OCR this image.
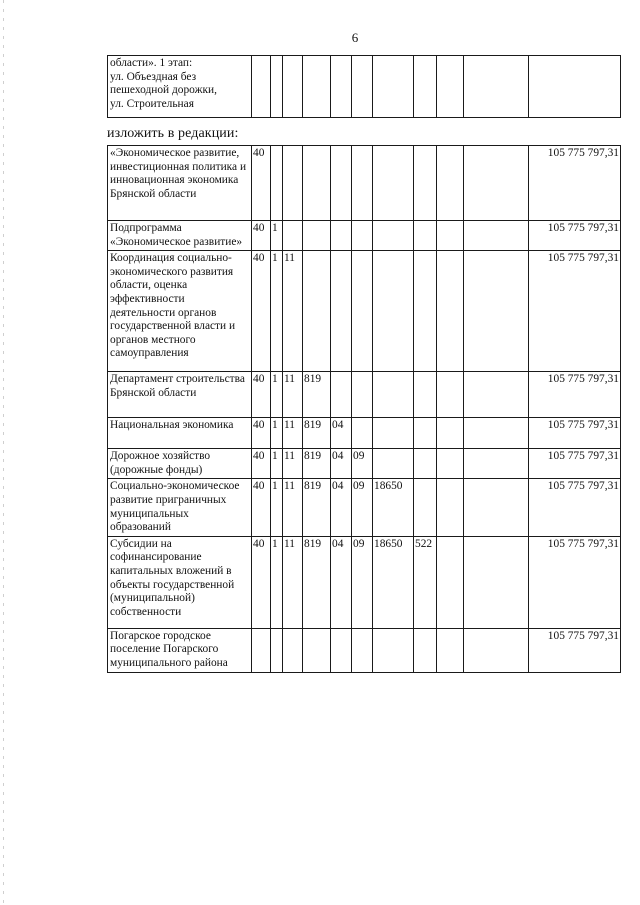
6
области». 1 этап:
ул. Объездная без пешеходной дорожки,
ул. Строительная											
изложить в редакции:
«Экономическое развитие, инвестиционная политика и инновационная экономика Брянской области	40										105 775 797,31
Подпрограмма «Экономическое развитие»	40	1									105 775 797,31
Координация социально-экономического развития области, оценка эффективности деятельности органов государственной власти и органов местного самоуправления	40	1	11								105 775 797,31
Департамент строительства Брянской области	40	1	11	819							105 775 797,31
Национальная экономика	40	1	11	819	04						105 775 797,31
Дорожное хозяйство (дорожные фонды)	40	1	11	819	04	09					105 775 797,31
Социально-экономическое развитие приграничных муниципальных образований	40	1	11	819	04	09	18650				105 775 797,31
Субсидии на софинансирование капитальных вложений в объекты государственной (муниципальной) собственности	40	1	11	819	04	09	18650	522			105 775 797,31
Погарское городское поселение Погарского муниципального района											105 775 797,31
